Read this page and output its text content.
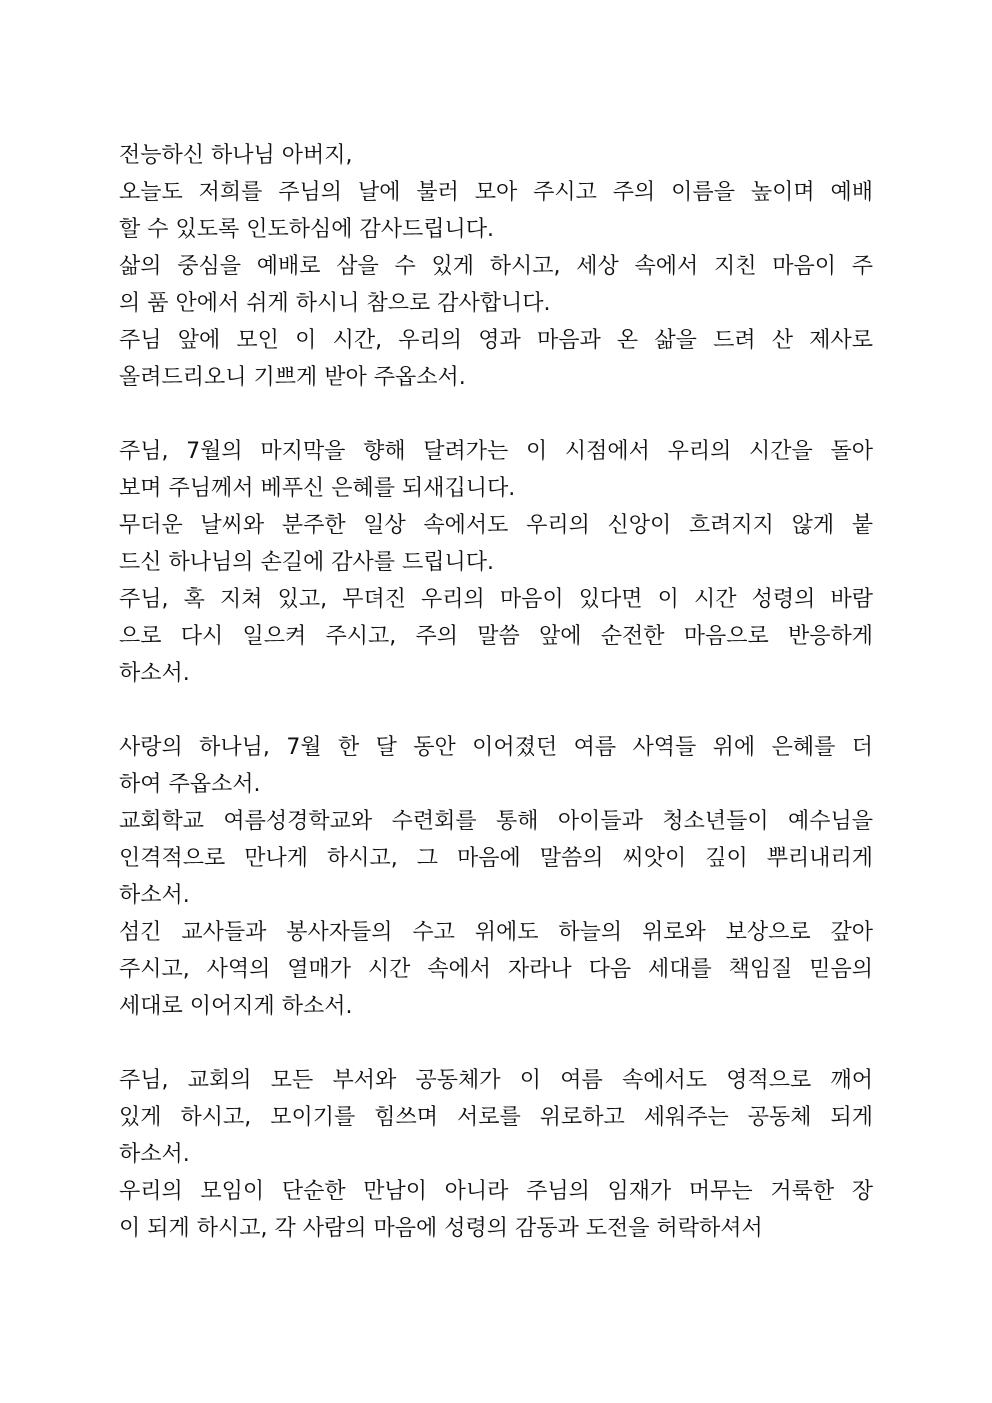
전능하신 하나님 아버지,
오늘도 저희를 주님의 날에 불러 모아 주시고 주의 이름을 높이며 예배
할 수 있도록 인도하심에 감사드립니다.
삶의 중심을 예배로 삼을 수 있게 하시고, 세상 속에서 지친 마음이 주
의 품 안에서 쉬게 하시니 참으로 감사합니다.
주님 앞에 모인 이 시간, 우리의 영과 마음과 온 삶을 드려 산 제사로
올려드리오니 기쁘게 받아 주옵소서.
주님, 7월의 마지막을 향해 달려가는 이 시점에서 우리의 시간을 돌아
보며 주님께서 베푸신 은혜를 되새깁니다.
무더운 날씨와 분주한 일상 속에서도 우리의 신앙이 흐려지지 않게 붙
드신 하나님의 손길에 감사를 드립니다.
주님, 혹 지쳐 있고, 무뎌진 우리의 마음이 있다면 이 시간 성령의 바람
으로 다시 일으켜 주시고, 주의 말씀 앞에 순전한 마음으로 반응하게
하소서.
사랑의 하나님, 7월 한 달 동안 이어졌던 여름 사역들 위에 은혜를 더
하여 주옵소서.
교회학교 여름성경학교와 수련회를 통해 아이들과 청소년들이 예수님을
인격적으로 만나게 하시고, 그 마음에 말씀의 씨앗이 깊이 뿌리내리게
하소서.
섬긴 교사들과 봉사자들의 수고 위에도 하늘의 위로와 보상으로 갚아
주시고, 사역의 열매가 시간 속에서 자라나 다음 세대를 책임질 믿음의
세대로 이어지게 하소서.
주님, 교회의 모든 부서와 공동체가 이 여름 속에서도 영적으로 깨어
있게 하시고, 모이기를 힘쓰며 서로를 위로하고 세워주는 공동체 되게
하소서.
우리의 모임이 단순한 만남이 아니라 주님의 임재가 머무는 거룩한 장
이 되게 하시고, 각 사람의 마음에 성령의 감동과 도전을 허락하셔서
